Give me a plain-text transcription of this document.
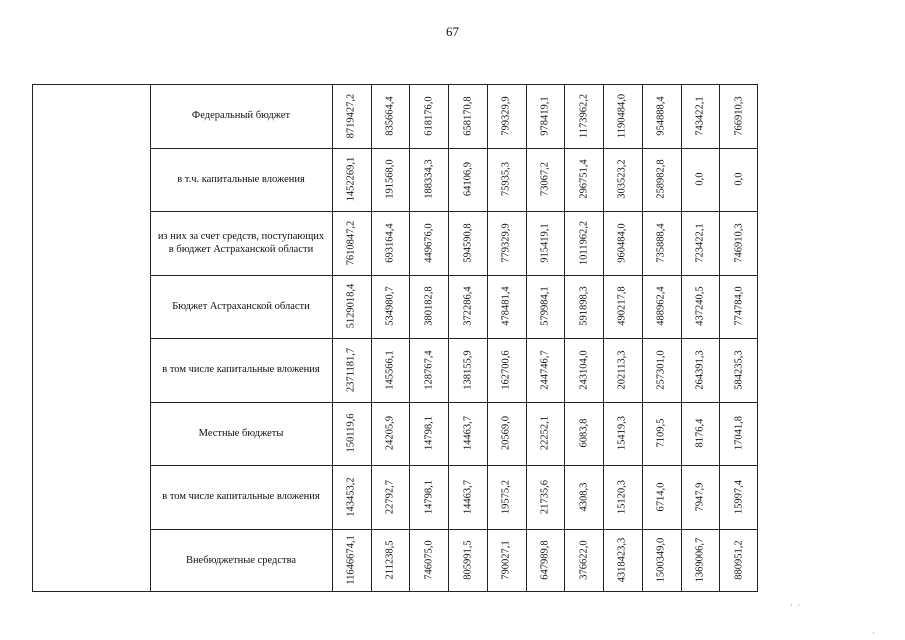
67
Федеральный бюджет	8719427,2	835664,4	618176,0	658170,8	799329,9	978419,1	1173962,2	1190484,0	954888,4	743422,1	766910,3
в т.ч. капитальные вложения	1452269,1	191568,0	188334,3	64106,9	75935,3	73067,2	296751,4	303523,2	258982,8	0,0	0,0
из них за счет средств, поступающих в бюджет Астраханской области	7610847,2	693164,4	449676,0	594590,8	779329,9	915419,1	1011962,2	960484,0	735888,4	723422,1	746910,3
Бюджет Астраханской области	5129018,4	534980,7	380182,8	372286,4	478481,4	579984,1	591898,3	490217,8	488962,4	437240,5	774784,0
в том числе капитальные вложения	2371181,7	145566,1	128767,4	138155,9	162700,6	244746,7	243104,0	202113,3	257301,0	264391,3	584235,3
Местные бюджеты	150119,6	24205,9	14798,1	14463,7	20569,0	22252,1	6083,8	15419,3	7109,5	8176,4	17041,8
в том числе капитальные вложения	143453,2	22792,7	14798,1	14463,7	19575,2	21735,6	4308,3	15120,3	6714,0	7947,9	15997,4
Внебюджетные средства	11646674,1	211238,5	746075,0	805991,5	790027,1	647989,8	376622,0	4318423,3	1500349,0	1369006,7	880951,2
·  ·
·
